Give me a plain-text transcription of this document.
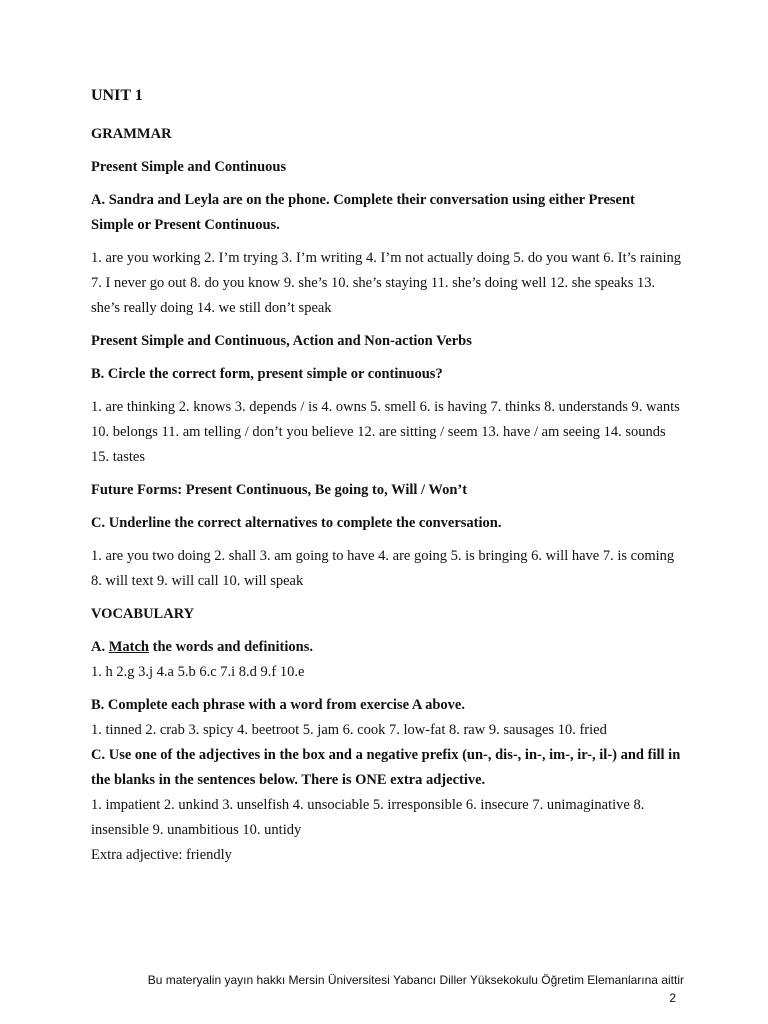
UNIT 1
GRAMMAR
Present Simple and Continuous
A. Sandra and Leyla are on the phone. Complete their conversation using either Present Simple or Present Continuous.
1. are you working 2. I’m trying 3. I’m writing 4. I’m not actually doing 5. do you want 6. It’s raining 7. I never go out 8. do you know 9. she’s 10. she’s staying 11. she’s doing well 12. she speaks 13. she’s really doing 14. we still don’t speak
Present Simple and Continuous, Action and Non-action Verbs
B. Circle the correct form, present simple or continuous?
1. are thinking 2. knows 3. depends / is 4. owns 5. smell 6. is having 7. thinks 8. understands 9. wants 10. belongs 11. am telling / don’t you believe 12. are sitting / seem 13. have / am seeing 14. sounds 15. tastes
Future Forms: Present Continuous, Be going to, Will / Won’t
C. Underline the correct alternatives to complete the conversation.
1. are you two doing 2. shall 3. am going to have 4. are going 5. is bringing 6. will have 7. is coming 8. will text 9. will call 10. will speak
VOCABULARY
A. Match the words and definitions.
1. h 2.g 3.j 4.a 5.b 6.c 7.i 8.d 9.f 10.e
B. Complete each phrase with a word from exercise A above.
1. tinned 2. crab 3. spicy 4. beetroot 5. jam 6. cook 7. low-fat 8. raw 9. sausages 10. fried
C. Use one of the adjectives in the box and a negative prefix (un-, dis-, in-, im-, ir-, il-) and fill in the blanks in the sentences below. There is ONE extra adjective.
1. impatient 2. unkind 3. unselfish 4. unsociable 5. irresponsible 6. insecure 7. unimaginative 8. insensible 9. unambitious 10. untidy
Extra adjective: friendly
Bu materyalin yayın hakkı Mersin Üniversitesi Yabancı Diller Yüksekokulu Öğretim Elemanlarına aittir
2
